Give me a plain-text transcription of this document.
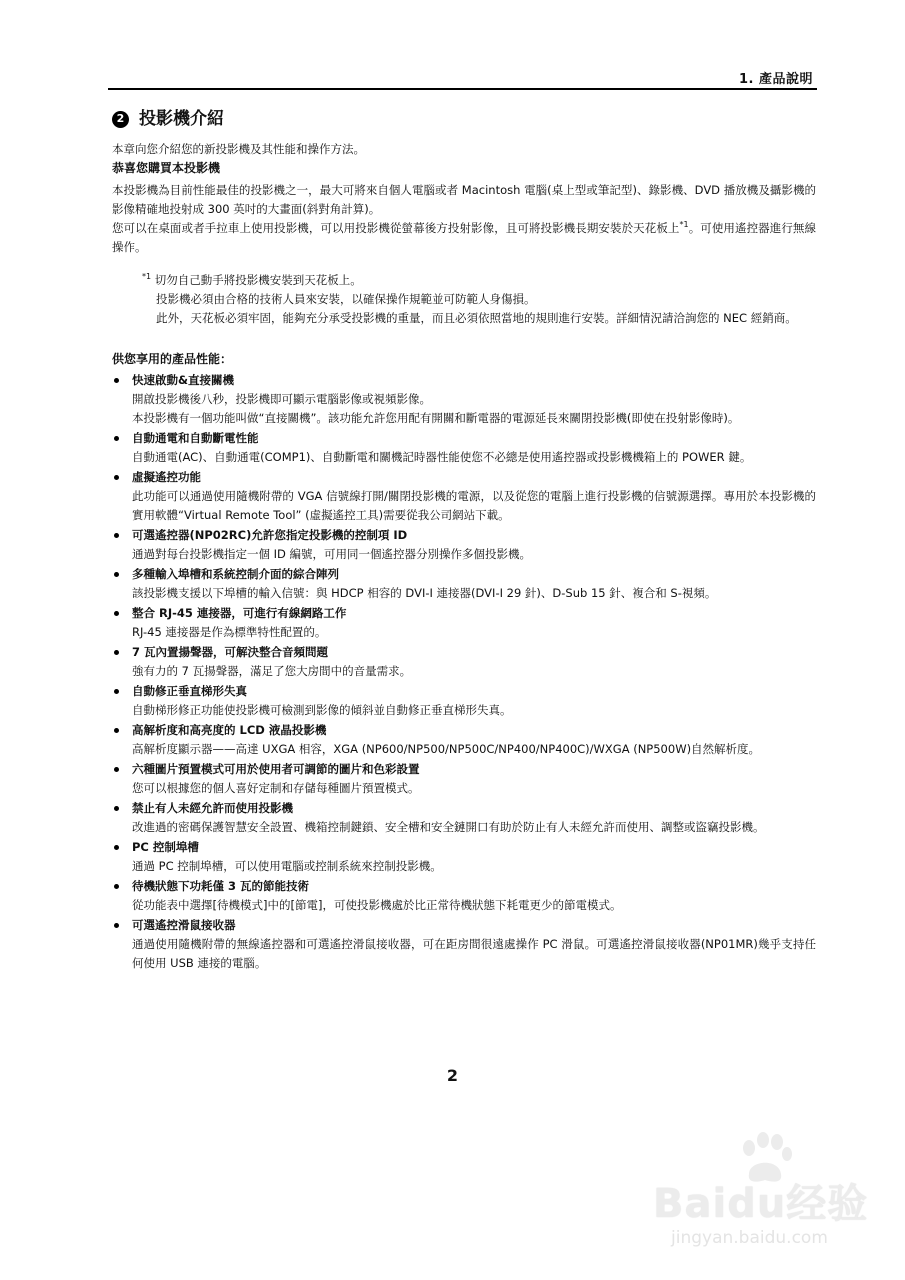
1. 產品說明
2 投影機介紹

本章向您介紹您的新投影機及其性能和操作方法。

恭喜您購買本投影機

本投影機為目前性能最佳的投影機之一，最大可將來自個人電腦或者 Macintosh 電腦(桌上型或筆記型)、錄影機、DVD 播放機及攝影機的影像精確地投射成 300 英吋的大畫面(斜對角計算)。

您可以在桌面或者手拉車上使用投影機，可以用投影機從螢幕後方投射影像，且可將投影機長期安裝於天花板上$^{*1}$。可使用遙控器進行無線操作。

$^{*1}$ 切勿自己動手將投影機安裝到天花板上。

投影機必須由合格的技術人員來安裝，以確保操作規範並可防範人身傷損。

此外，天花板必須牢固，能夠充分承受投影機的重量，而且必須依照當地的規則進行安裝。詳細情況請洽詢您的 NEC 經銷商。

供您享用的產品性能：
快速啟動&直接關機

開啟投影機後八秒，投影機即可顯示電腦影像或視頻影像。

本投影機有一個功能叫做“直接關機”。該功能允許您用配有開關和斷電器的電源延長來關閉投影機(即使在投射影像時)。

自動通電和自動斷電性能

自動通電(AC)、自動通電(COMP1)、自動斷電和關機記時器性能使您不必總是使用遙控器或投影機機箱上的 POWER 鍵。

虛擬遙控功能

此功能可以通過使用隨機附帶的 VGA 信號線打開/關閉投影機的電源，以及從您的電腦上進行投影機的信號源選擇。專用於本投影機的實用軟體“Virtual Remote Tool” (虛擬遙控工具)需要從我公司網站下載。

可選遙控器(NP02RC)允許您指定投影機的控制項 ID

通過對每台投影機指定一個 ID 編號，可用同一個遙控器分別操作多個投影機。

多種輸入埠槽和系統控制介面的綜合陣列

該投影機支援以下埠槽的輸入信號：與 HDCP 相容的 DVI-I 連接器(DVI-I 29 針)、D-Sub 15 針、複合和 S-視頻。

整合 RJ-45 連接器，可進行有線網路工作

RJ-45 連接器是作為標準特性配置的。

7 瓦內置揚聲器，可解決整合音頻問題

強有力的 7 瓦揚聲器，滿足了您大房間中的音量需求。

自動修正垂直梯形失真

自動梯形修正功能使投影機可檢測到影像的傾斜並自動修正垂直梯形失真。

高解析度和高亮度的 LCD 液晶投影機

高解析度顯示器——高達 UXGA 相容，XGA (NP600/NP500/NP500C/NP400/NP400C)/WXGA (NP500W)自然解析度。

六種圖片預置模式可用於使用者可調節的圖片和色彩設置

您可以根據您的個人喜好定制和存儲每種圖片預置模式。

禁止有人未經允許而使用投影機

改進過的密碼保護智慧安全設置、機箱控制鍵鎖、安全槽和安全鏈開口有助於防止有人未經允許而使用、調整或盜竊投影機。

PC 控制埠槽

通過 PC 控制埠槽，可以使用電腦或控制系統來控制投影機。

待機狀態下功耗僅 3 瓦的節能技術

從功能表中選擇[待機模式]中的[節電]，可使投影機處於比正常待機狀態下耗電更少的節電模式。

可選遙控滑鼠接收器

通過使用隨機附帶的無線遙控器和可選遙控滑鼠接收器，可在距房間很遠處操作 PC 滑鼠。可選遙控滑鼠接收器(NP01MR)幾乎支持任何使用 USB 連接的電腦。

2
Baidu经验
jingyan.baidu.com
